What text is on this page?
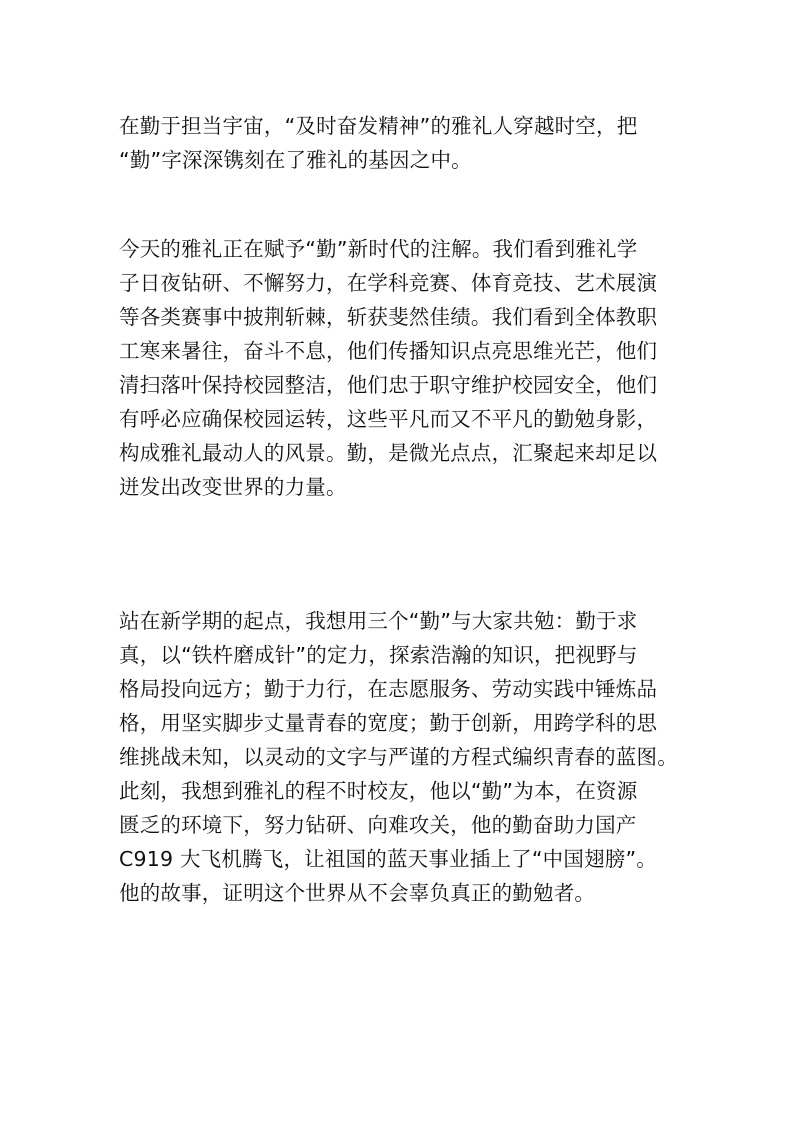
在勤于担当宇宙，“及时奋发精神”的雅礼人穿越时空，把
“勤”字深深镌刻在了雅礼的基因之中。
今天的雅礼正在赋予“勤”新时代的注解。我们看到雅礼学
子日夜钻研、不懈努力，在学科竞赛、体育竞技、艺术展演
等各类赛事中披荆斩棘，斩获斐然佳绩。我们看到全体教职
工寒来暑往，奋斗不息，他们传播知识点亮思维光芒，他们
清扫落叶保持校园整洁，他们忠于职守维护校园安全，他们
有呼必应确保校园运转，这些平凡而又不平凡的勤勉身影，
构成雅礼最动人的风景。勤，是微光点点，汇聚起来却足以
迸发出改变世界的力量。
站在新学期的起点，我想用三个“勤”与大家共勉：勤于求
真，以“铁杵磨成针”的定力，探索浩瀚的知识，把视野与
格局投向远方；勤于力行，在志愿服务、劳动实践中锤炼品
格，用坚实脚步丈量青春的宽度；勤于创新，用跨学科的思
维挑战未知，以灵动的文字与严谨的方程式编织青春的蓝图。
此刻，我想到雅礼的程不时校友，他以“勤”为本，在资源
匮乏的环境下，努力钻研、向难攻关，他的勤奋助力国产
C919 大飞机腾飞，让祖国的蓝天事业插上了“中国翅膀”。
他的故事，证明这个世界从不会辜负真正的勤勉者。
